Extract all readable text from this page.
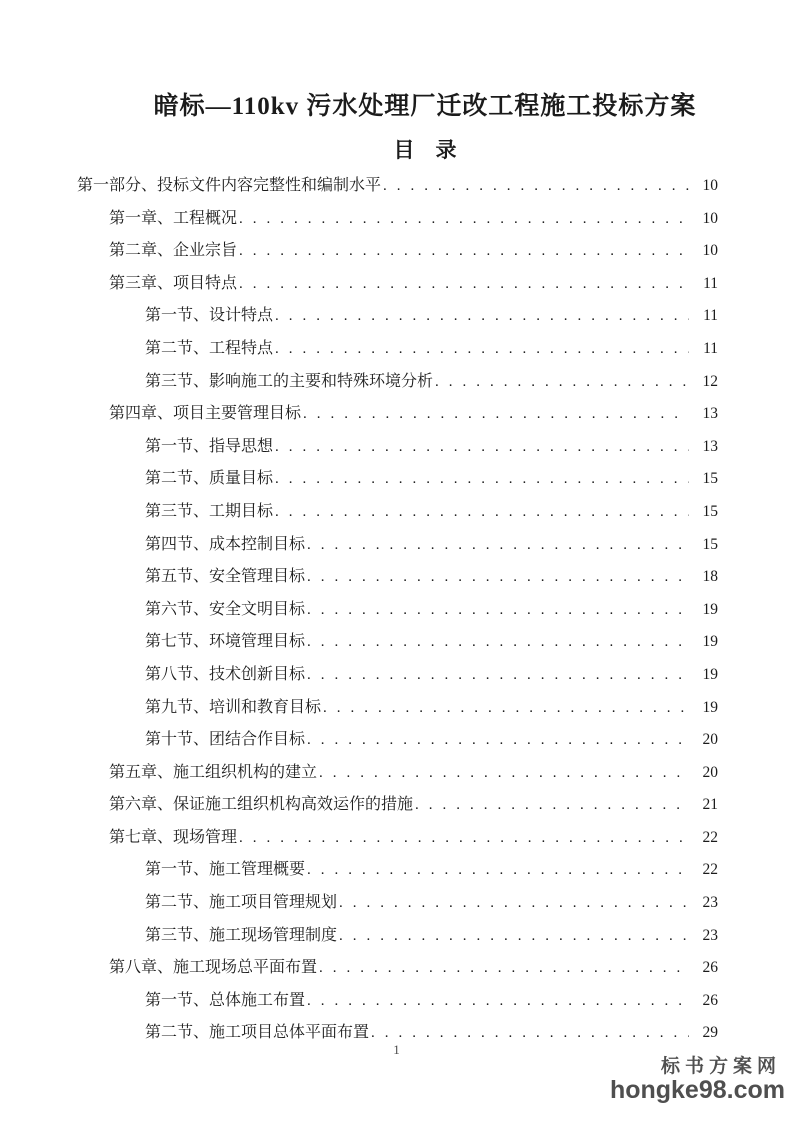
暗标—110kv 污水处理厂迁改工程施工投标方案
目　录
第一部分、投标文件内容完整性和编制水平 .....	10
第一章、工程概况 .....	10
第二章、企业宗旨 .....	10
第三章、项目特点 .....	11
第一节、设计特点 .....	11
第二节、工程特点 .....	11
第三节、影响施工的主要和特殊环境分析 .....	12
第四章、项目主要管理目标 .....	13
第一节、指导思想 .....	13
第二节、质量目标 .....	15
第三节、工期目标 .....	15
第四节、成本控制目标 .....	15
第五节、安全管理目标 .....	18
第六节、安全文明目标 .....	19
第七节、环境管理目标 .....	19
第八节、技术创新目标 .....	19
第九节、培训和教育目标 .....	19
第十节、团结合作目标 .....	20
第五章、施工组织机构的建立 .....	20
第六章、保证施工组织机构高效运作的措施 .....	21
第七章、现场管理 .....	22
第一节、施工管理概要 .....	22
第二节、施工项目管理规划 .....	23
第三节、施工现场管理制度 .....	23
第八章、施工现场总平面布置 .....	26
第一节、总体施工布置 .....	26
第二节、施工项目总体平面布置 .....	29
1
标书方案网
hongke98.com
